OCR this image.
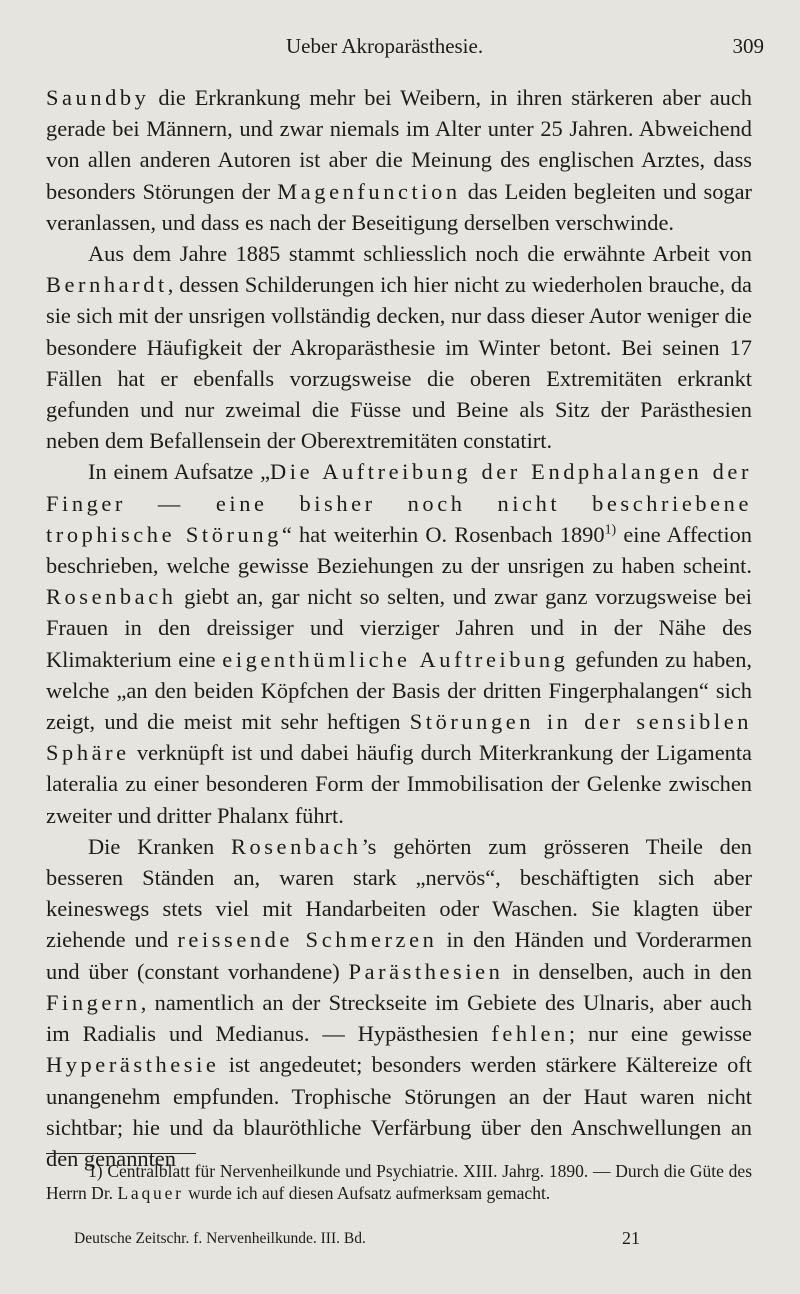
Ueber Akroparästhesie.	309

Saundby die Erkrankung mehr bei Weibern, in ihren stärkeren aber auch gerade bei Männern, und zwar niemals im Alter unter 25 Jahren. Abweichend von allen anderen Autoren ist aber die Meinung des englischen Arztes, dass besonders Störungen der Magenfunction das Leiden begleiten und sogar veranlassen, und dass es nach der Beseitigung derselben verschwinde.

Aus dem Jahre 1885 stammt schliesslich noch die erwähnte Arbeit von Bernhardt, dessen Schilderungen ich hier nicht zu wiederholen brauche, da sie sich mit der unsrigen vollständig decken, nur dass dieser Autor weniger die besondere Häufigkeit der Akroparästhesie im Winter betont. Bei seinen 17 Fällen hat er ebenfalls vorzugsweise die oberen Extremitäten erkrankt gefunden und nur zweimal die Füsse und Beine als Sitz der Parästhesien neben dem Befallensein der Oberextremitäten constatirt.

In einem Aufsatze „Die Auftreibung der Endphalangen der Finger — eine bisher noch nicht beschriebene trophische Störung“ hat weiterhin O. Rosenbach 1890$^{1)}$ eine Affection beschrieben, welche gewisse Beziehungen zu der unsrigen zu haben scheint. Rosenbach giebt an, gar nicht so selten, und zwar ganz vorzugsweise bei Frauen in den dreissiger und vierziger Jahren und in der Nähe des Klimakterium eine eigenthümliche Auftreibung gefunden zu haben, welche „an den beiden Köpfchen der Basis der dritten Fingerphalangen“ sich zeigt, und die meist mit sehr heftigen Störungen in der sensiblen Sphäre verknüpft ist und dabei häufig durch Miterkrankung der Ligamenta lateralia zu einer besonderen Form der Immobilisation der Gelenke zwischen zweiter und dritter Phalanx führt.

Die Kranken Rosenbach’s gehörten zum grösseren Theile den besseren Ständen an, waren stark „nervös“, beschäftigten sich aber keineswegs stets viel mit Handarbeiten oder Waschen. Sie klagten über ziehende und reissende Schmerzen in den Händen und Vorderarmen und über (constant vorhandene) Parästhesien in denselben, auch in den Fingern, namentlich an der Streckseite im Gebiete des Ulnaris, aber auch im Radialis und Medianus. — Hypästhesien fehlen; nur eine gewisse Hyperästhesie ist angedeutet; besonders werden stärkere Kältereize oft unangenehm empfunden. Trophische Störungen an der Haut waren nicht sichtbar; hie und da blauröthliche Verfärbung über den Anschwellungen an den genannten

1) Centralblatt für Nervenheilkunde und Psychiatrie. XIII. Jahrg. 1890. — Durch die Güte des Herrn Dr. Laquer wurde ich auf diesen Aufsatz aufmerksam gemacht.

Deutsche Zeitschr. f. Nervenheilkunde. III. Bd.	21
